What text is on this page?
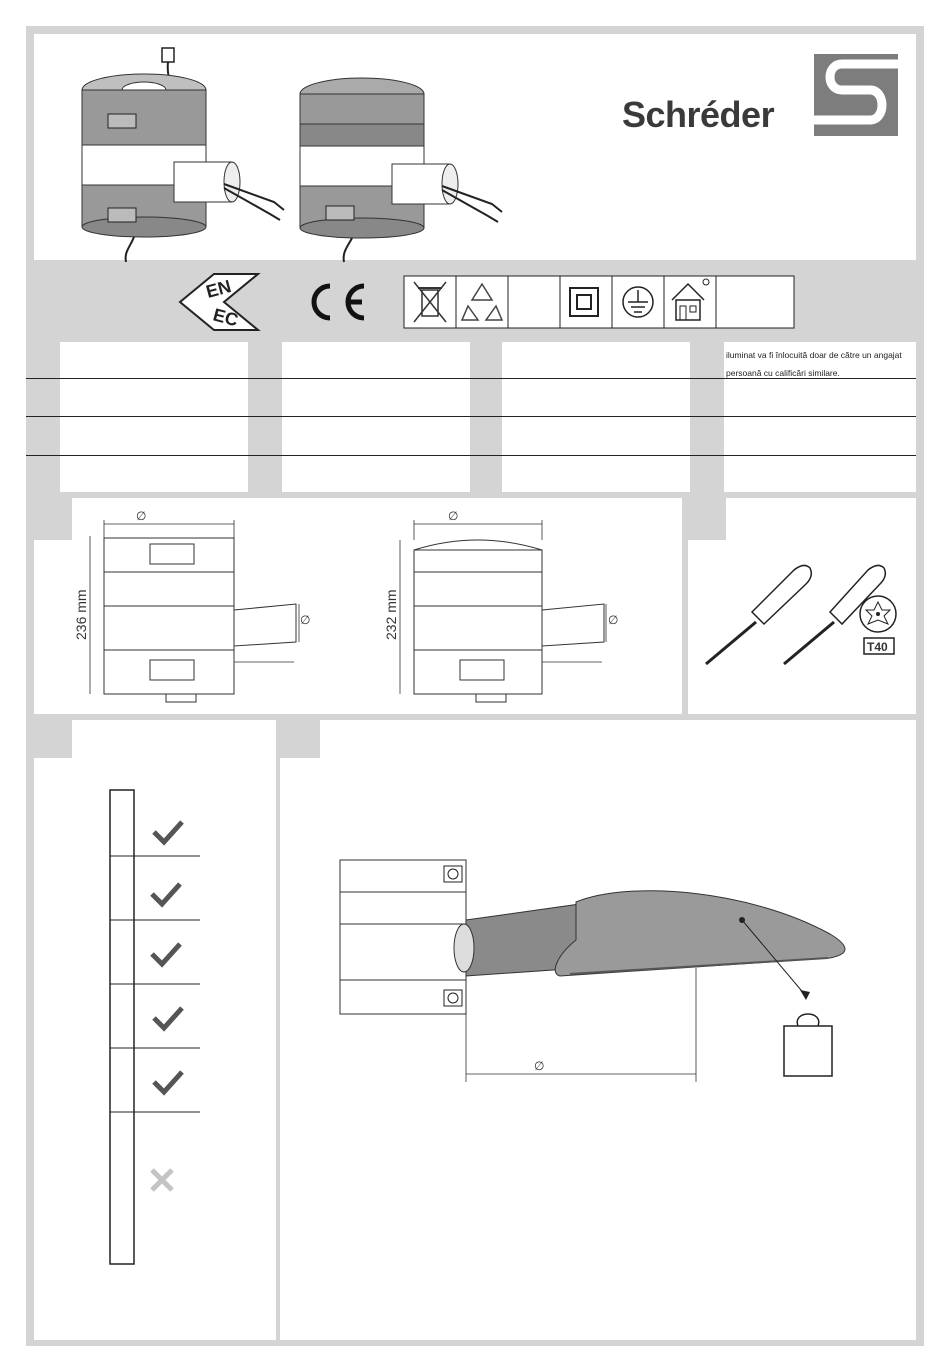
Schréder
EN
EC
iluminat va fi înlocuită doar de către un angajat
persoană cu calificări similare.
∅
236 mm	∅
∅
232 mm	∅
T40
∅
